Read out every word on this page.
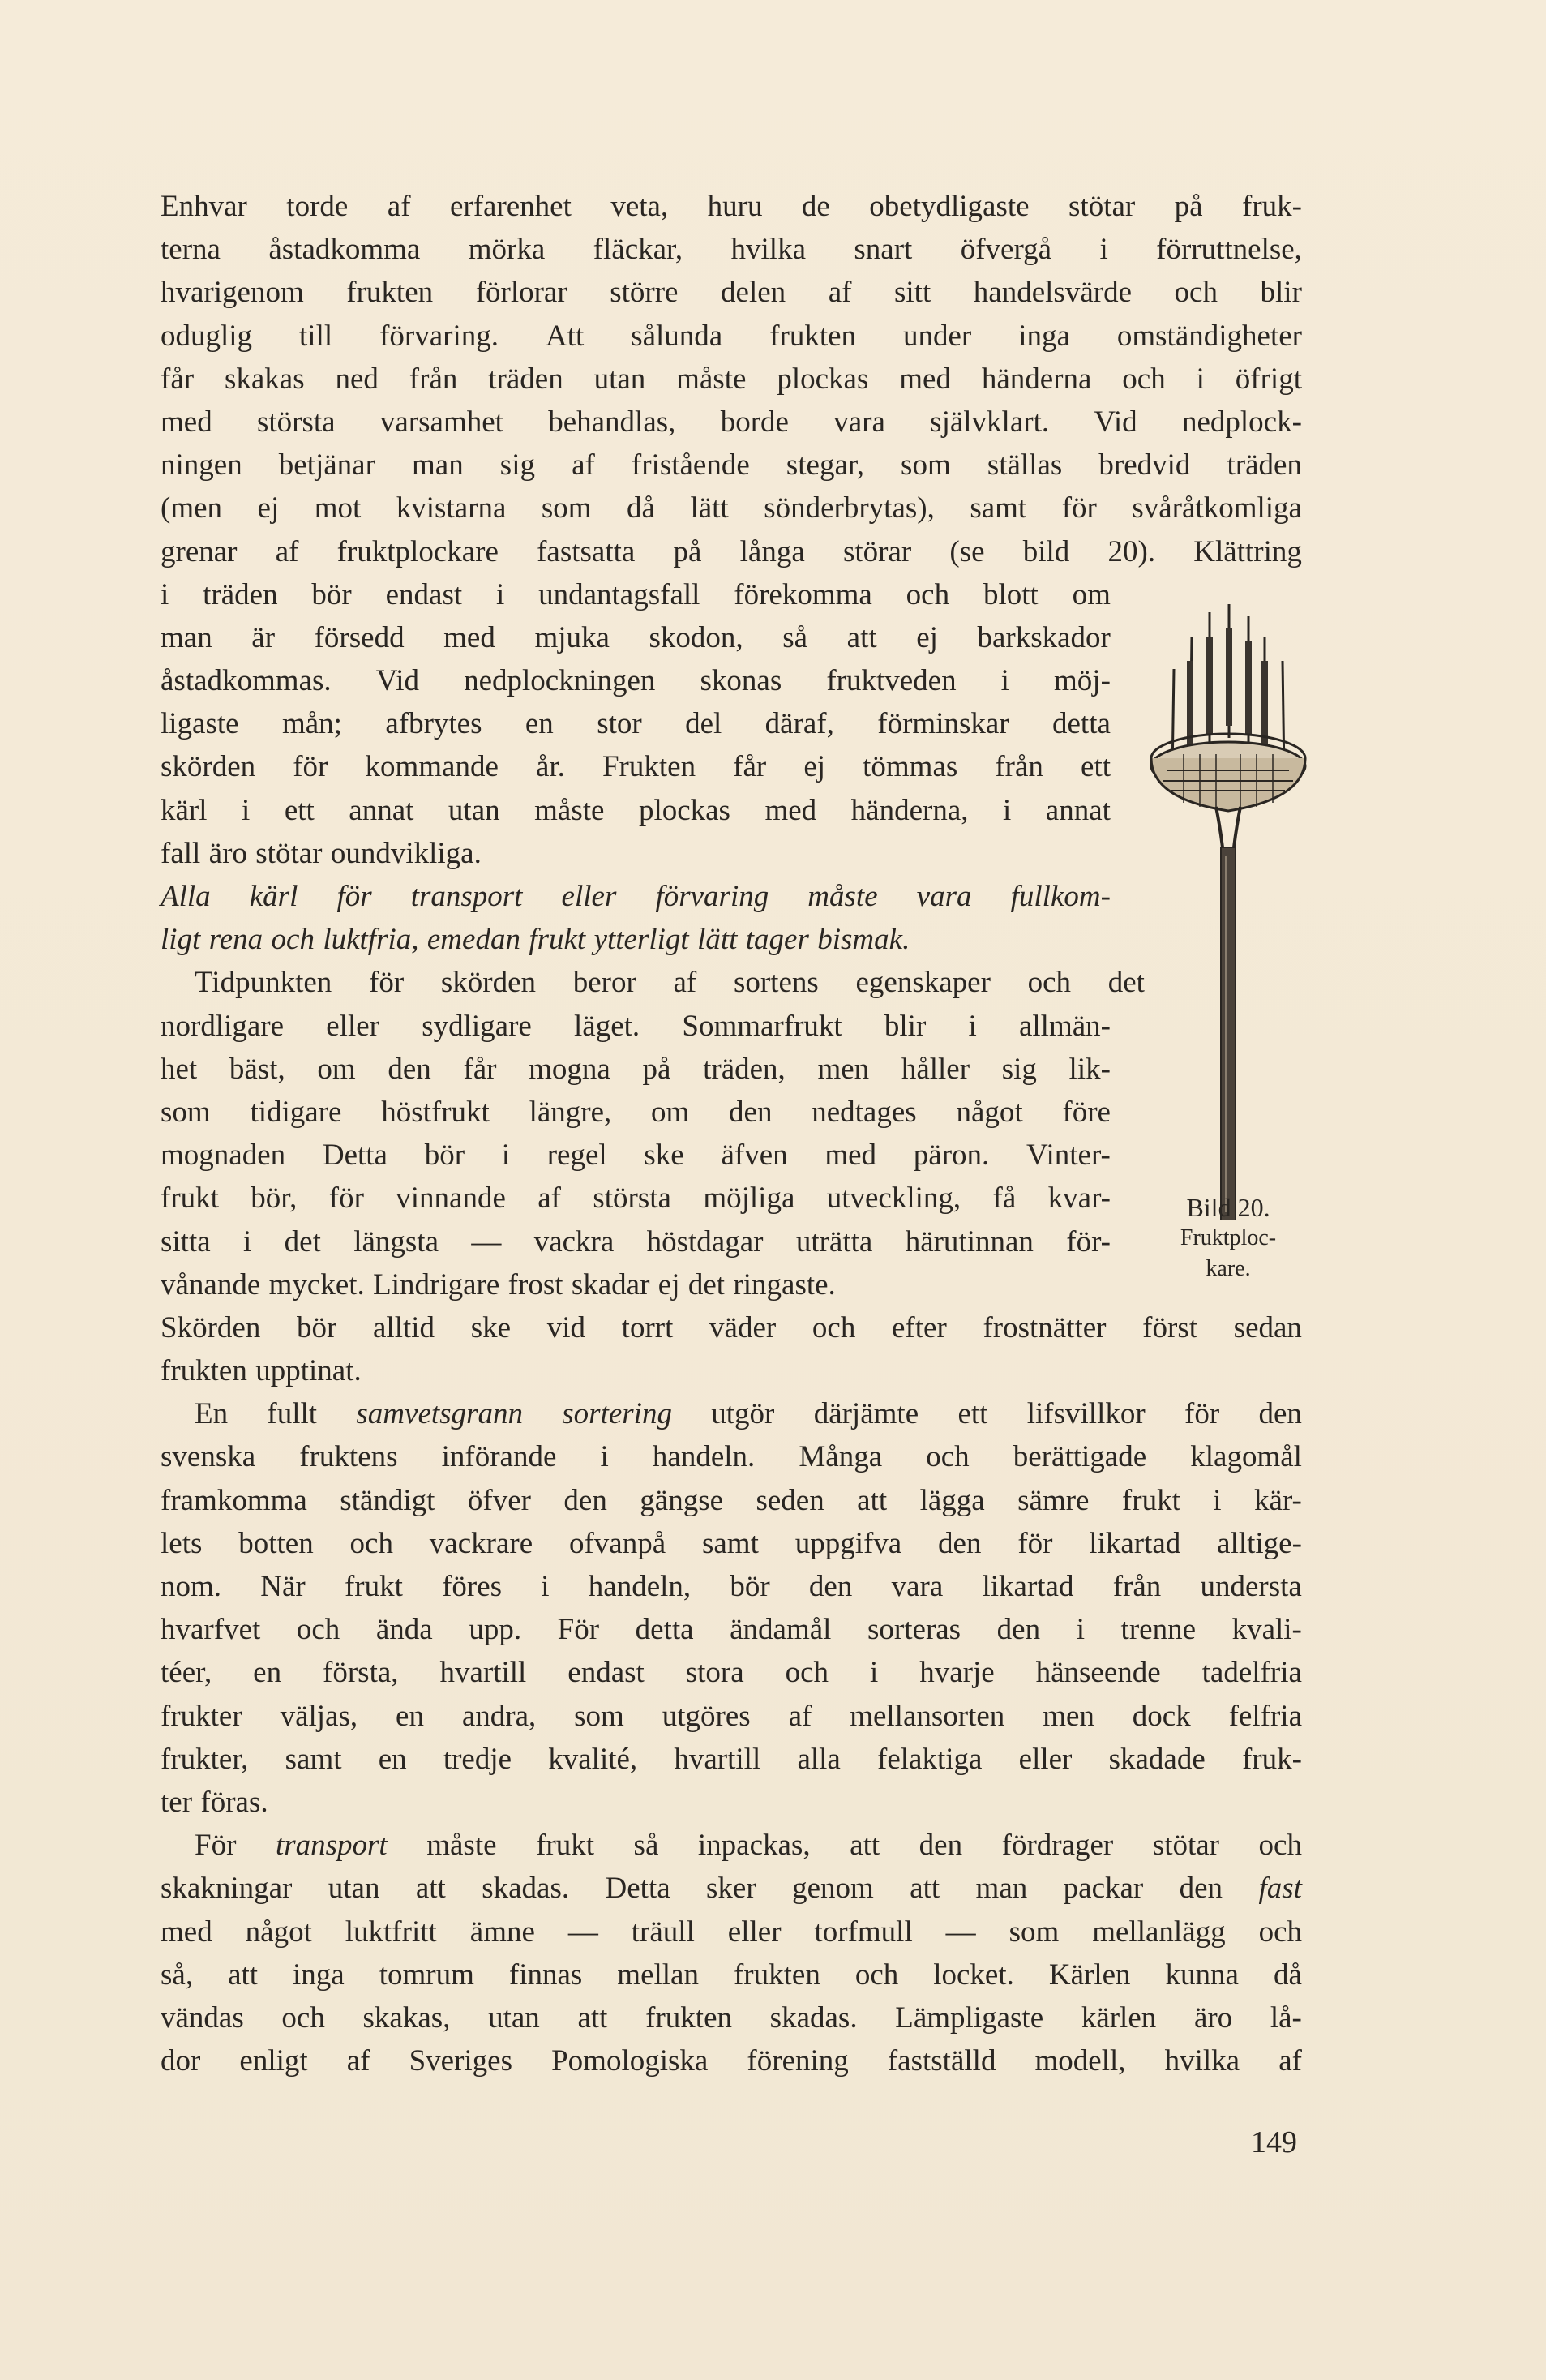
Enhvar torde af erfarenhet veta, huru de obetydligaste stötar på fruk-
terna åstadkomma mörka fläckar, hvilka snart öfvergå i förruttnelse,
hvarigenom frukten förlorar större delen af sitt handelsvärde och blir
oduglig till förvaring. Att sålunda frukten under inga omständigheter
får skakas ned från träden utan måste plockas med händerna och i öfrigt
med största varsamhet behandlas, borde vara självklart. Vid nedplock-
ningen betjänar man sig af fristående stegar, som ställas bredvid träden
(men ej mot kvistarna som då lätt sönderbrytas), samt för svåråtkomliga
grenar af fruktplockare fastsatta på långa störar (se bild 20). Klättring
i träden bör endast i undantagsfall förekomma och blott om
man är försedd med mjuka skodon, så att ej barkskador
åstadkommas. Vid nedplockningen skonas fruktveden i möj-
ligaste mån; afbrytes en stor del däraf, förminskar detta
skörden för kommande år. Frukten får ej tömmas från ett
kärl i ett annat utan måste plockas med händerna, i annat
fall äro stötar oundvikliga.
Alla kärl för transport eller förvaring måste vara fullkom-
ligt rena och luktfria, emedan frukt ytterligt lätt tager bismak.
Tidpunkten för skörden beror af sortens egenskaper och det
nordligare eller sydligare läget. Sommarfrukt blir i allmän-
het bäst, om den får mogna på träden, men håller sig lik-
som tidigare höstfrukt längre, om den nedtages något före
mognaden Detta bör i regel ske äfven med päron. Vinter-
frukt bör, för vinnande af största möjliga utveckling, få kvar-
sitta i det längsta — vackra höstdagar uträtta härutinnan för-
vånande mycket. Lindrigare frost skadar ej det ringaste.
Skörden bör alltid ske vid torrt väder och efter frostnätter först sedan
frukten upptinat.
En fullt samvetsgrann sortering utgör därjämte ett lifsvillkor för den
svenska fruktens införande i handeln. Många och berättigade klagomål
framkomma ständigt öfver den gängse seden att lägga sämre frukt i kär-
lets botten och vackrare ofvanpå samt uppgifva den för likartad alltige-
nom. När frukt föres i handeln, bör den vara likartad från understa
hvarfvet och ända upp. För detta ändamål sorteras den i trenne kvali-
téer, en första, hvartill endast stora och i hvarje hänseende tadelfria
frukter väljas, en andra, som utgöres af mellansorten men dock felfria
frukter, samt en tredje kvalité, hvartill alla felaktiga eller skadade fruk-
ter föras.
För transport måste frukt så inpackas, att den fördrager stötar och
skakningar utan att skadas. Detta sker genom att man packar den fast
med något luktfritt ämne — träull eller torfmull — som mellanlägg och
så, att inga tomrum finnas mellan frukten och locket. Kärlen kunna då
vändas och skakas, utan att frukten skadas. Lämpligaste kärlen äro lå-
dor enligt af Sveriges Pomologiska förening fastställd modell, hvilka af
Bild 20.
Fruktploc-
kare.
149
